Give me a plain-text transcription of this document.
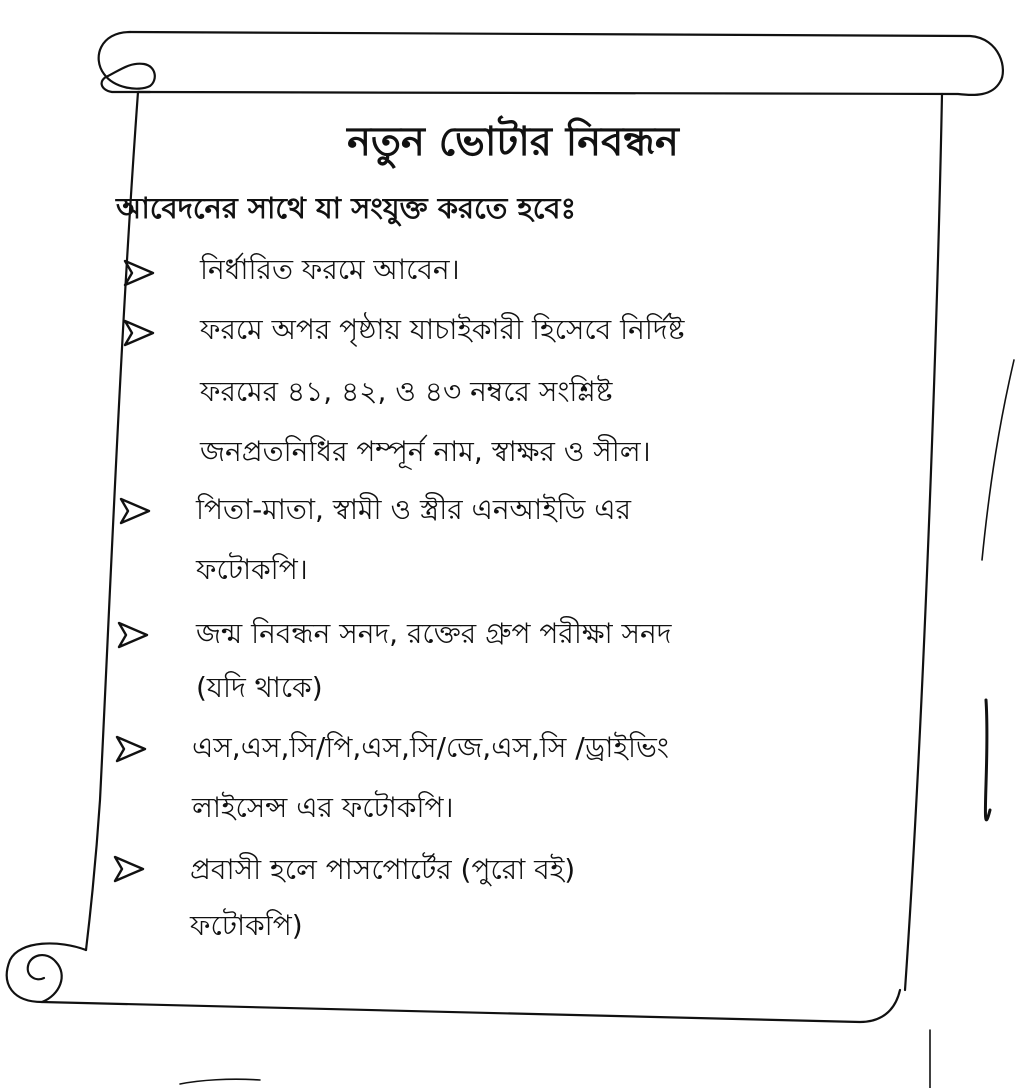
নতুন ভোটার নিবন্ধন
আবেদনের সাথে যা সংযুক্ত করতে হবেঃ
নির্ধারিত ফরমে আবেন।
ফরমে অপর পৃষ্ঠায় যাচাইকারী হিসেবে নির্দিষ্ট
ফরমের ৪১, ৪২, ও ৪৩ নম্বরে সংশ্লিষ্ট
জনপ্রতনিধির পম্পূর্ন নাম, স্বাক্ষর ও সীল।
পিতা-মাতা, স্বামী ও স্ত্রীর এনআইডি এর
ফটোকপি।
জন্ম নিবন্ধন সনদ, রক্তের গ্রুপ পরীক্ষা সনদ
(যদি থাকে)
এস,এস,সি/পি,এস,সি/জে,এস,সি /ড্রাইভিং
লাইসেন্স এর ফটোকপি।
প্রবাসী হলে পাসপোর্টের (পুরো বই)
ফটোকপি)
